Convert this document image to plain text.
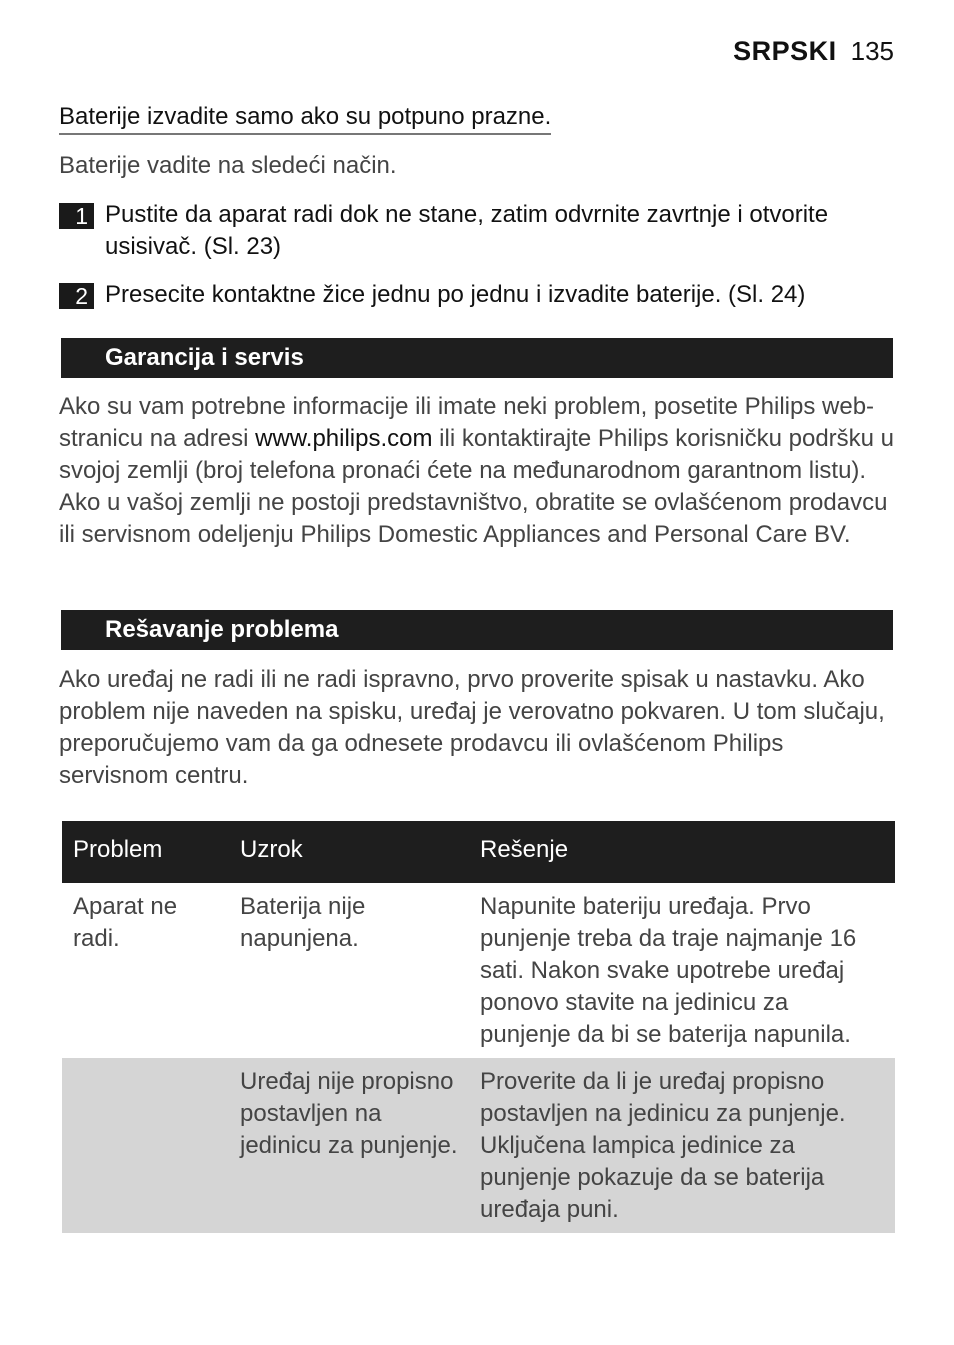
SRPSKI 135
Baterije izvadite samo ako su potpuno prazne.
Baterije vadite na sledeći način.
1 Pustite da aparat radi dok ne stane, zatim odvrnite zavrtnje i otvorite usisivač. (Sl. 23)
2 Presecite kontaktne žice jednu po jednu i izvadite baterije. (Sl. 24)
Garancija i servis
Ako su vam potrebne informacije ili imate neki problem, posetite Philips web-stranicu na adresi www.philips.com ili kontaktirajte Philips korisničku podršku u svojoj zemlji (broj telefona pronaći ćete na međunarodnom garantnom listu). Ako u vašoj zemlji ne postoji predstavništvo, obratite se ovlašćenom prodavcu ili servisnom odeljenju Philips Domestic Appliances and Personal Care BV.
Rešavanje problema
Ako uređaj ne radi ili ne radi ispravno, prvo proverite spisak u nastavku. Ako problem nije naveden na spisku, uređaj je verovatno pokvaren. U tom slučaju, preporučujemo vam da ga odnesete prodavcu ili ovlašćenom Philips servisnom centru.
Problem	Uzrok	Rešenje
Aparat ne radi.	Baterija nije napunjena.	Napunite bateriju uređaja. Prvo punjenje treba da traje najmanje 16 sati. Nakon svake upotrebe uređaj ponovo stavite na jedinicu za punjenje da bi se baterija napunila.
	Uređaj nije propisno postavljen na jedinicu za punjenje.	Proverite da li je uređaj propisno postavljen na jedinicu za punjenje. Uključena lampica jedinice za punjenje pokazuje da se baterija uređaja puni.
